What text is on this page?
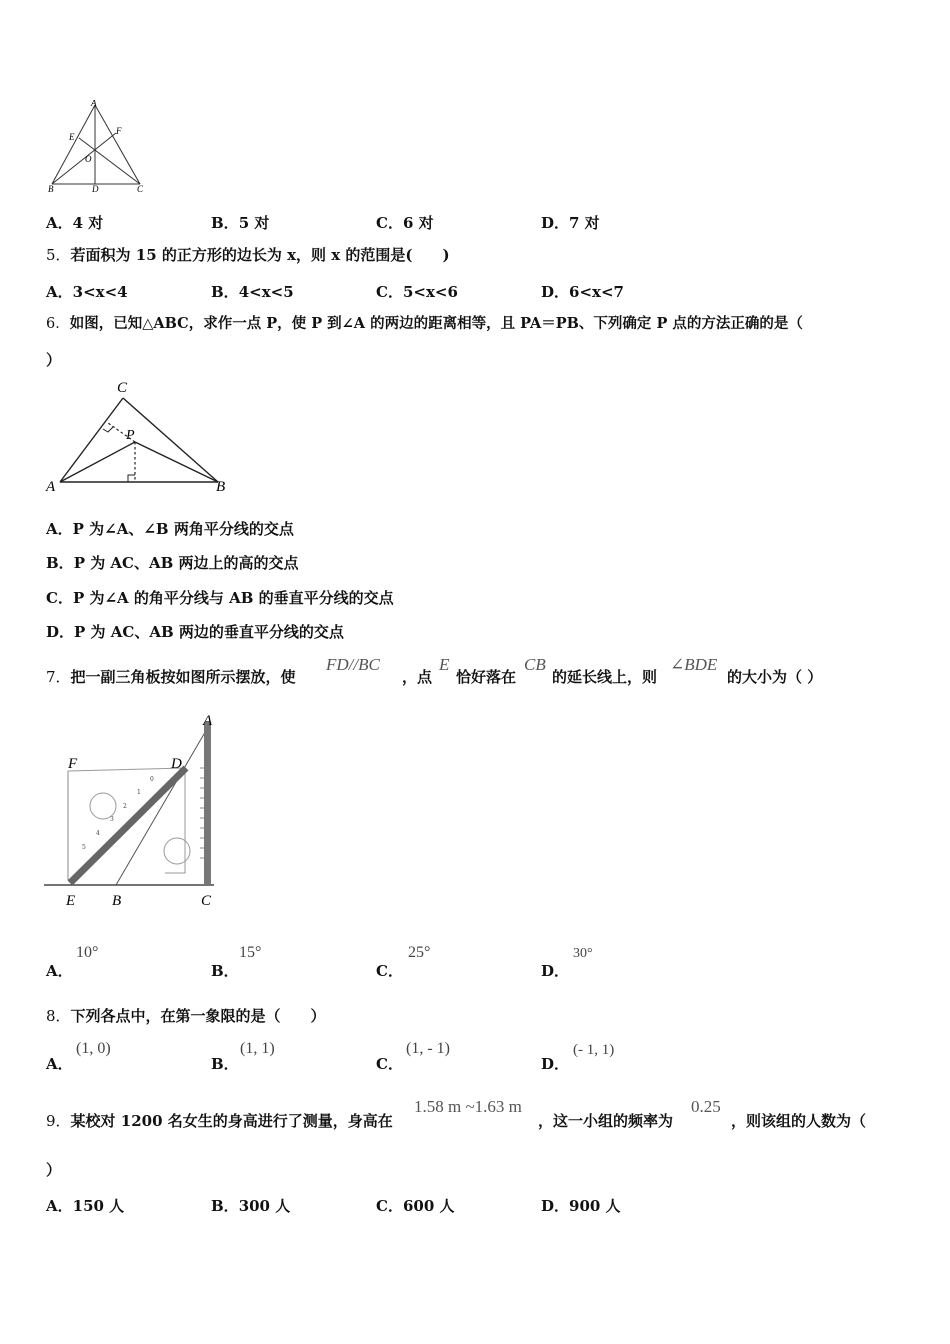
A
E
F
O
B	D	C
A．4 对	B．5 对	C．6 对	D．7 对
5．若面积为 15 的正方形的边长为 x，则 x 的范围是(　　)
A．3<x<4	B．4<x<5	C．5<x<6	D．6<x<7
6．如图，已知△ABC，求作一点 P，使 P 到∠A 的两边的距离相等，且 PA＝PB、下列确定 P 点的方法正确的是（
）
C
P
A	B
A．P 为∠A、∠B 两角平分线的交点
B．P 为 AC、AB 两边上的高的交点
C．P 为∠A 的角平分线与 AB 的垂直平分线的交点
D．P 为 AC、AB 两边的垂直平分线的交点
7．把一副三角板按如图所示摆放，使
FD//BC
，点
E
恰好落在
CB
的延长线上，则
∠BDE
的大小为（ ）
0
1
2
3
4
5
A
F	D
E B	C
A．
10°
B．
15°
C．
25°
D．
30°
8．下列各点中，在第一象限的是（　　）
A．
(1, 0)
B．
(1, 1)
C．
(1, - 1)
D．
(- 1, 1)
9．某校对 1200 名女生的身高进行了测量，身高在
1.58 m ~1.63 m
，这一小组的频率为
0.25
，则该组的人数为（
）
A．150 人	B．300 人	C．600 人	D．900 人
